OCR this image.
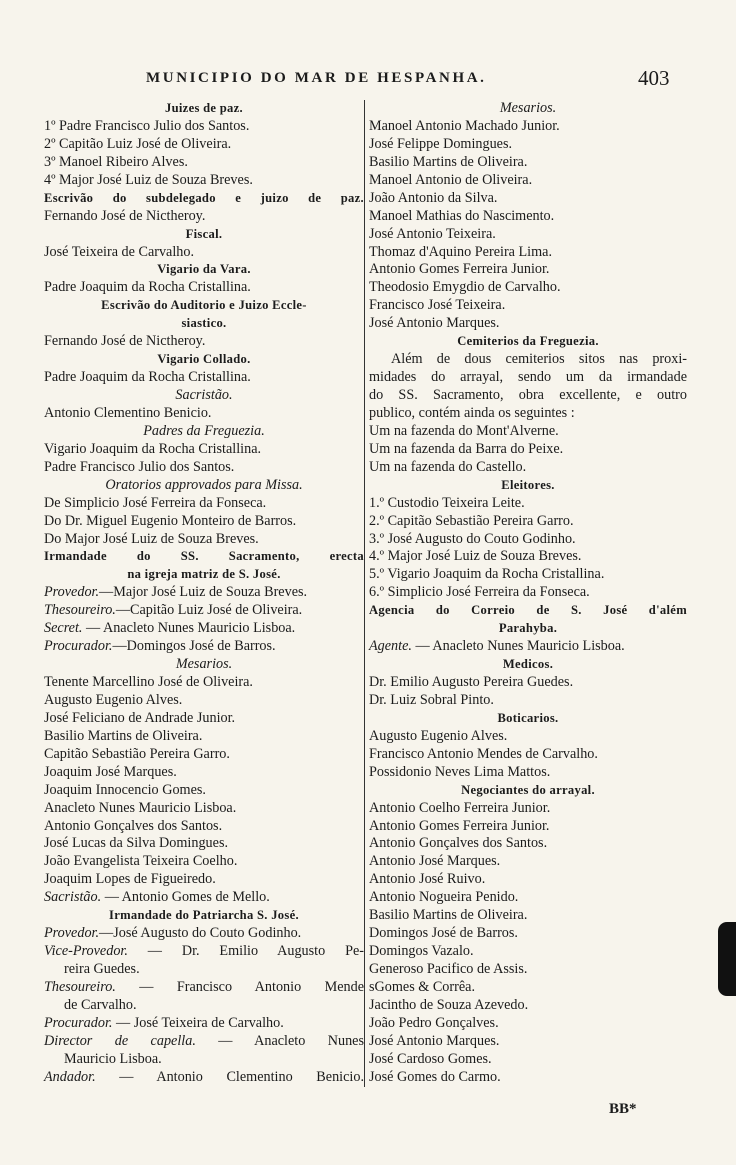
MUNICIPIO DO MAR DE HESPANHA.	403
Juizes de paz.
1º Padre Francisco Julio dos Santos.
2º Capitão Luiz José de Oliveira.
3º Manoel Ribeiro Alves.
4º Major José Luiz de Souza Breves.
Escrivão do subdelegado e juizo de paz.
Fernando José de Nictheroy.
Fiscal.
José Teixeira de Carvalho.
Vigario da Vara.
Padre Joaquim da Rocha Cristallina.
Escrivão do Auditorio e Juizo Eccle-
siastico.
Fernando José de Nictheroy.
Vigario Collado.
Padre Joaquim da Rocha Cristallina.
Sacristão.
Antonio Clementino Benicio.
Padres da Freguezia.
Vigario Joaquim da Rocha Cristallina.
Padre Francisco Julio dos Santos.
Oratorios approvados para Missa.
De Simplicio José Ferreira da Fonseca.
Do Dr. Miguel Eugenio Monteiro de Barros.
Do Major José Luiz de Souza Breves.
Irmandade do SS. Sacramento, erecta
na igreja matriz de S. José.
Provedor.—Major José Luiz de Souza Breves.
Thesoureiro.—Capitão Luiz José de Oliveira.
Secret. — Anacleto Nunes Mauricio Lisboa.
Procurador.—Domingos José de Barros.
Mesarios.
Tenente Marcellino José de Oliveira.
Augusto Eugenio Alves.
José Feliciano de Andrade Junior.
Basilio Martins de Oliveira.
Capitão Sebastião Pereira Garro.
Joaquim José Marques.
Joaquim Innocencio Gomes.
Anacleto Nunes Mauricio Lisboa.
Antonio Gonçalves dos Santos.
José Lucas da Silva Domingues.
João Evangelista Teixeira Coelho.
Joaquim Lopes de Figueiredo.
Sacristão. — Antonio Gomes de Mello.
Irmandade do Patriarcha S. José.
Provedor.—José Augusto do Couto Godinho.
Vice-Provedor. — Dr. Emilio Augusto Pe-
reira Guedes.
Thesoureiro. — Francisco Antonio Mende
de Carvalho.
Procurador. — José Teixeira de Carvalho.
Director de capella. — Anacleto Nunes
Mauricio Lisboa.
Andador. — Antonio Clementino Benicio.
Mesarios.
Manoel Antonio Machado Junior.
José Felippe Domingues.
Basilio Martins de Oliveira.
Manoel Antonio de Oliveira.
João Antonio da Silva.
Manoel Mathias do Nascimento.
José Antonio Teixeira.
Thomaz d'Aquino Pereira Lima.
Antonio Gomes Ferreira Junior.
Theodosio Emygdio de Carvalho.
Francisco José Teixeira.
José Antonio Marques.
Cemiterios da Freguezia.
Além de dous cemiterios sitos nas proxi-
midades do arrayal, sendo um da irmandade
do SS. Sacramento, obra excellente, e outro
publico, contém ainda os seguintes :
Um na fazenda do Mont'Alverne.
Um na fazenda da Barra do Peixe.
Um na fazenda do Castello.
Eleitores.
1.º Custodio Teixeira Leite.
2.º Capitão Sebastião Pereira Garro.
3.º José Augusto do Couto Godinho.
4.º Major José Luiz de Souza Breves.
5.º Vigario Joaquim da Rocha Cristallina.
6.º Simplicio José Ferreira da Fonseca.
Agencia do Correio de S. José d'além
Parahyba.
Agente. — Anacleto Nunes Mauricio Lisboa.
Medicos.
Dr. Emilio Augusto Pereira Guedes.
Dr. Luiz Sobral Pinto.
Boticarios.
Augusto Eugenio Alves.
Francisco Antonio Mendes de Carvalho.
Possidonio Neves Lima Mattos.
Negociantes do arrayal.
Antonio Coelho Ferreira Junior.
Antonio Gomes Ferreira Junior.
Antonio Gonçalves dos Santos.
Antonio José Marques.
Antonio José Ruivo.
Antonio Nogueira Penido.
Basilio Martins de Oliveira.
Domingos José de Barros.
Domingos Vazalo.
Generoso Pacifico de Assis.
sGomes & Corrêa.
Jacintho de Souza Azevedo.
João Pedro Gonçalves.
José Antonio Marques.
José Cardoso Gomes.
José Gomes do Carmo.
BB*
